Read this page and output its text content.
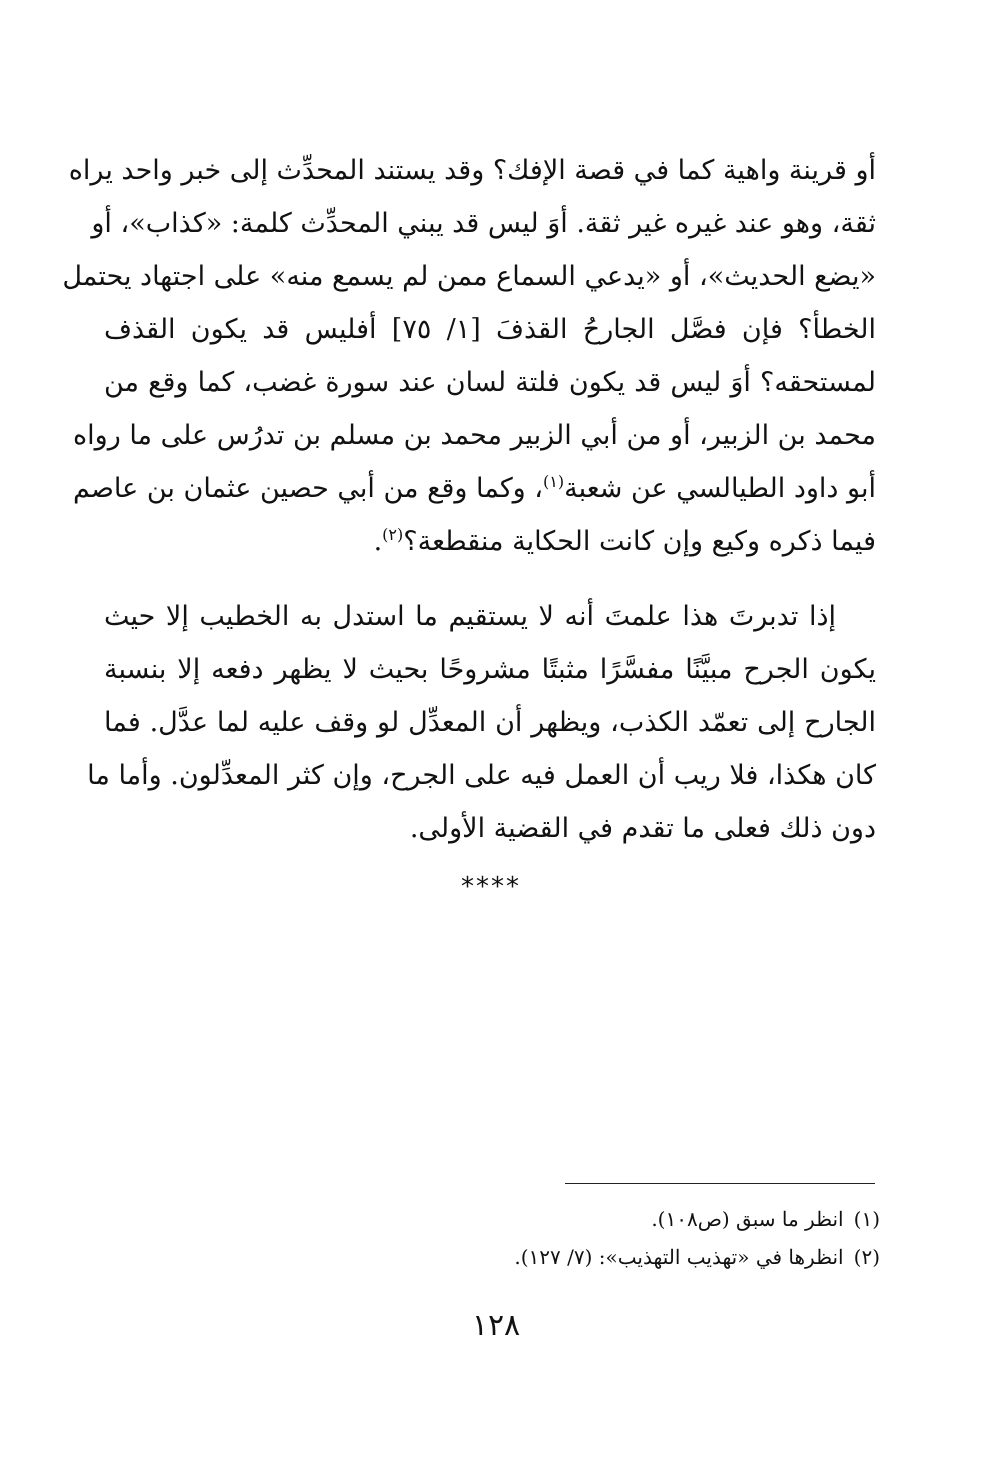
أو قرينة واهية كما في قصة الإفك؟ وقد يستند المحدِّث إلى خبر واحد يراه
ثقة، وهو عند غيره غير ثقة. أوَ ليس قد يبني المحدِّث كلمة: «كذاب»، أو
«يضع الحديث»، أو «يدعي السماع ممن لم يسمع منه» على اجتهاد يحتمل
الخطأ؟ فإن فصَّل الجارحُ القذفَ [١/ ٧٥] أفليس قد يكون القذف
لمستحقه؟ أوَ ليس قد يكون فلتة لسان عند سورة غضب، كما وقع من
محمد بن الزبير، أو من أبي الزبير محمد بن مسلم بن تدرُس على ما رواه
أبو داود الطيالسي عن شعبة$^{(١)}$، وكما وقع من أبي حصين عثمان بن عاصم
فيما ذكره وكيع وإن كانت الحكاية منقطعة؟$^{(٢)}$.
إذا تدبرتَ هذا علمتَ أنه لا يستقيم ما استدل به الخطيب إلا حيث
يكون الجرح مبيَّنًا مفسَّرًا مثبتًا مشروحًا بحيث لا يظهر دفعه إلا بنسبة
الجارح إلى تعمّد الكذب، ويظهر أن المعدِّل لو وقف عليه لما عدَّل. فما
كان هكذا، فلا ريب أن العمل فيه على الجرح، وإن كثر المعدِّلون. وأما ما
دون ذلك فعلى ما تقدم في القضية الأولى.
****
(١)انظر ما سبق (ص١٠٨).
(٢)انظرها في «تهذيب التهذيب»: (٧/ ١٢٧).
١٢٨
